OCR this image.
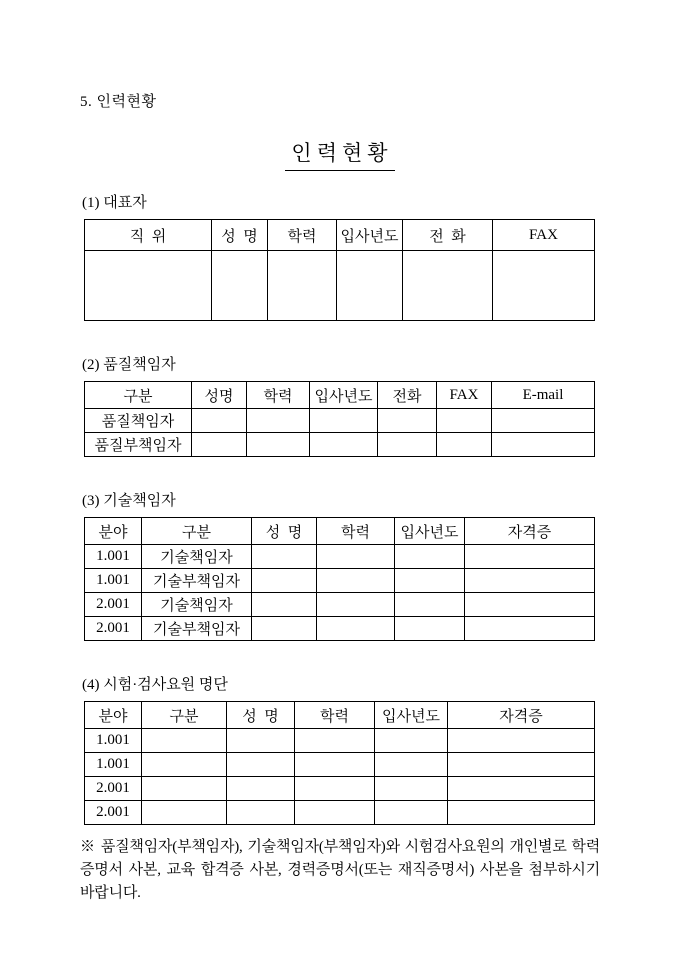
5. 인력현황
인력현황
(1) 대표자
직  위	성  명	학력	입사년도	전  화	FAX

(2) 품질책임자
구분	성명	학력	입사년도	전화	FAX	E-mail
품질책임자						
품질부책임자						
(3) 기술책임자
분야	구분	성  명	학력	입사년도	자격증
1.001	기술책임자				
1.001	기술부책임자				
2.001	기술책임자				
2.001	기술부책임자				
(4) 시험·검사요원 명단
분야	구분	성  명	학력	입사년도	자격증
1.001					
1.001					
2.001					
2.001					
※ 품질책임자(부책임자), 기술책임자(부책임자)와 시험검사요원의 개인별로 학력증명서 사본, 교육 합격증 사본, 경력증명서(또는 재직증명서) 사본을 첨부하시기 바랍니다.
